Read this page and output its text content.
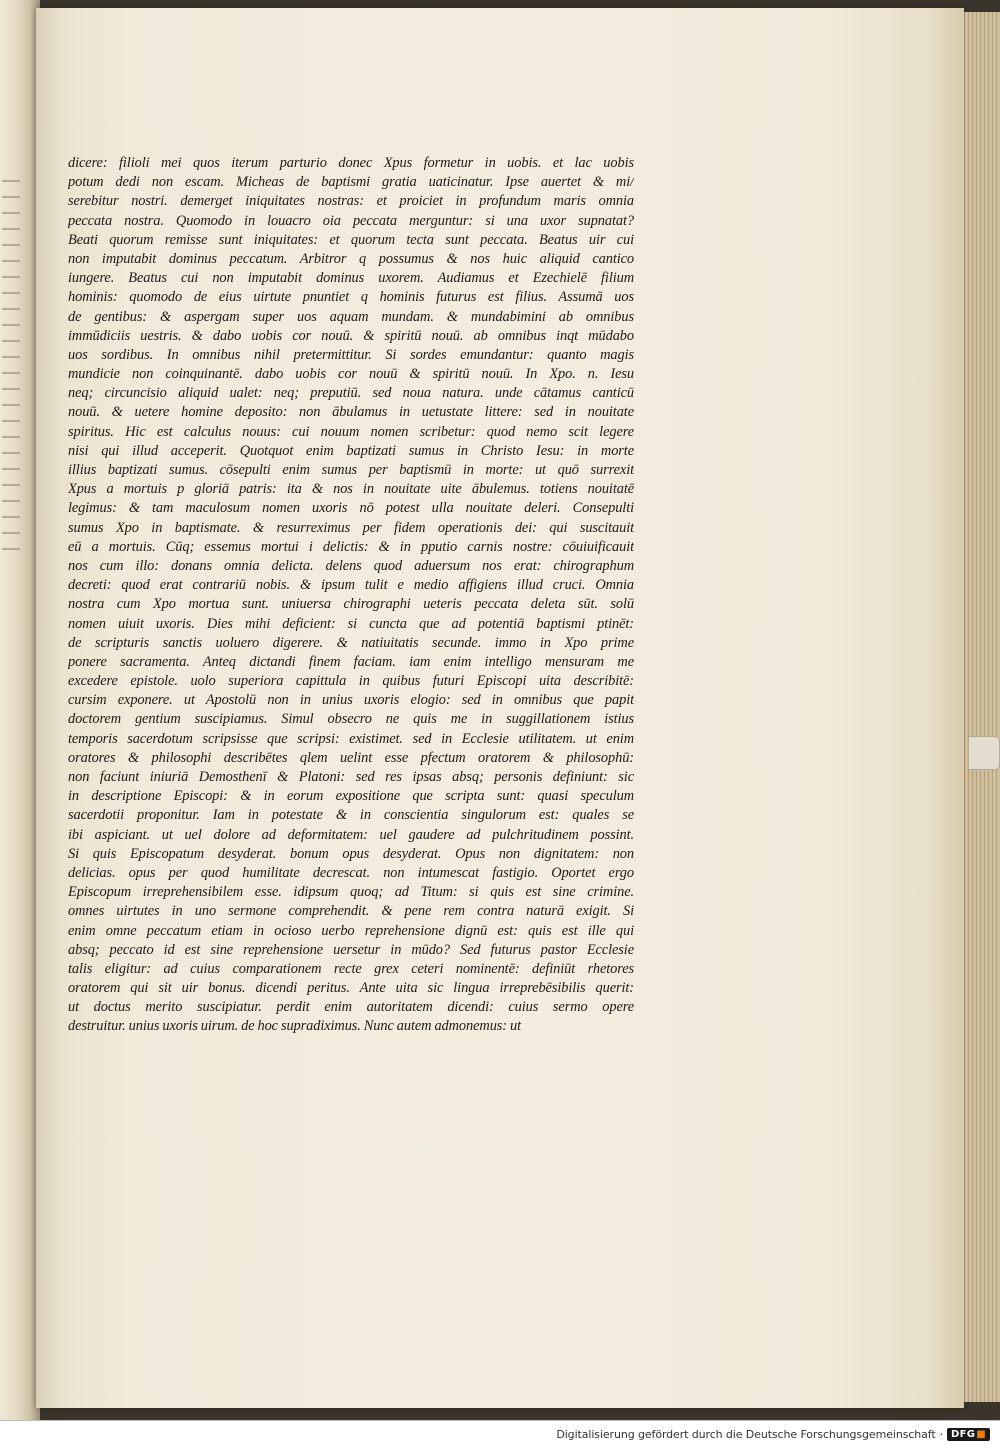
dicere: filioli mei quos iterum parturio donec Xpus formetur in uobis. et lac uobis
potum dedi non escam. Micheas de baptismi gratia uaticinatur. Ipse auertet & mi/
serebitur nostri. demerget iniquitates nostras: et proiciet in profundum maris omnia
peccata nostra. Quomodo in louacro oia peccata merguntur: si una uxor supnatat?
Beati quorum remisse sunt iniquitates: et quorum tecta sunt peccata. Beatus uir cui
non imputabit dominus peccatum. Arbitror q possumus & nos huic aliquid cantico
iungere. Beatus cui non imputabit dominus uxorem. Audiamus et Ezechielē filium
hominis: quomodo de eius uirtute pnuntiet q hominis futurus est filius. Assumā uos
de gentibus: & aspergam super uos aquam mundam. & mundabimini ab omnibus
immūdiciis uestris. & dabo uobis cor nouū. & spiritū nouū. ab omnibus inqt mūdabo
uos sordibus. In omnibus nihil pretermittitur. Si sordes emundantur: quanto magis
mundicie non coinquinantē. dabo uobis cor nouū & spiritū nouū. In Xpo. n. Iesu
neq; circuncisio aliquid ualet: neq; preputiū. sed noua natura. unde cātamus canticū
nouū. & uetere homine deposito: non ābulamus in uetustate littere: sed in nouitate
spiritus. Hic est calculus nouus: cui nouum nomen scribetur: quod nemo scit legere
nisi qui illud acceperit. Quotquot enim baptizati sumus in Christo Iesu: in morte
illius baptizati sumus. cōsepulti enim sumus per baptismū in morte: ut quō surrexit
Xpus a mortuis p gloriā patris: ita & nos in nouitate uite ābulemus. totiens nouitatē
legimus: & tam maculosum nomen uxoris nō potest ulla nouitate deleri. Consepulti
sumus Xpo in baptismate. & resurreximus per fidem operationis dei: qui suscitauit
eū a mortuis. Cūq; essemus mortui i delictis: & in pputio carnis nostre: cōuiuificauit
nos cum illo: donans omnia delicta. delens quod aduersum nos erat: chirographum
decreti: quod erat contrariū nobis. & ipsum tulit e medio affigiens illud cruci. Omnia
nostra cum Xpo mortua sunt. uniuersa chirographi ueteris peccata deleta sūt. solū
nomen uiuit uxoris. Dies mihi deficient: si cuncta que ad potentiā baptismi ptinēt:
de scripturis sanctis uoluero digerere. & natiuitatis secunde. immo in Xpo prime
ponere sacramenta. Anteq dictandi finem faciam. iam enim intelligo mensuram me
excedere epistole. uolo superiora capittula in quibus futuri Episcopi uita describitē:
cursim exponere. ut Apostolū non in unius uxoris elogio: sed in omnibus que papit
doctorem gentium suscipiamus. Simul obsecro ne quis me in suggillationem istius
temporis sacerdotum scripsisse que scripsi: existimet. sed in Ecclesie utilitatem. ut enim
oratores & philosophi describētes qlem uelint esse pfectum oratorem & philosophū:
non faciunt iniuriā Demosthenī & Platoni: sed res ipsas absq; personis definiunt: sic
in descriptione Episcopi: & in eorum expositione que scripta sunt: quasi speculum
sacerdotii proponitur. Iam in potestate & in conscientia singulorum est: quales se
ibi aspiciant. ut uel dolore ad deformitatem: uel gaudere ad pulchritudinem possint.
Si quis Episcopatum desyderat. bonum opus desyderat. Opus non dignitatem: non
delicias. opus per quod humilitate decrescat. non intumescat fastigio. Oportet ergo
Episcopum irreprehensibilem esse. idipsum quoq; ad Titum: si quis est sine crimine.
omnes uirtutes in uno sermone comprehendit. & pene rem contra naturā exigit. Si
enim omne peccatum etiam in ocioso uerbo reprehensione dignū est: quis est ille qui
absq; peccato id est sine reprehensione uersetur in mūdo? Sed futurus pastor Ecclesie
talis eligitur: ad cuius comparationem recte grex ceteri nominentē: definiūt rhetores
oratorem qui sit uir bonus. dicendi peritus. Ante uita sic lingua irreprebēsibilis querit:
ut doctus merito suscipiatur. perdit enim autoritatem dicendi: cuius sermo opere
destruitur. unius uxoris uirum. de hoc supradiximus. Nunc autem admonemus: ut
Digitalisierung gefördert durch die Deutsche Forschungsgemeinschaft · DFG ■
